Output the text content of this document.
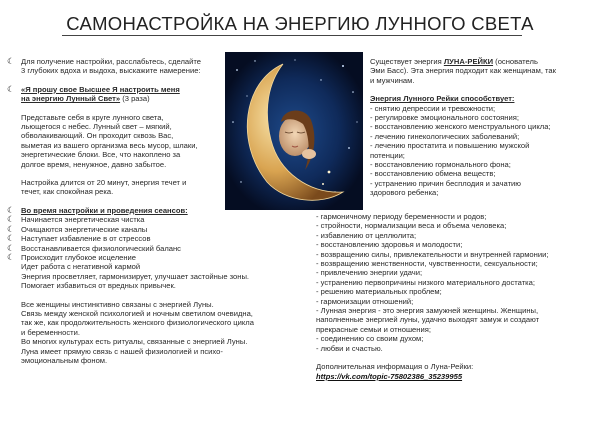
САМОНАСТРОЙКА НА ЭНЕРГИЮ ЛУННОГО СВЕТА
☾ Для получение настройки, расслабьтесь, сделайте

3 глубоких вдоха и выдоха, выскажите намерение:

☾ «Я прошу свое Высшее Я настроить меня

на энергию Лунный Свет» (3 раза)

Представьте себя в круге лунного света,

льющегося с небес. Лунный свет – мягкий,

обволакивающий. Он проходит сквозь Вас,

выметая из вашего организма весь мусор, шлаки,

энергетические блоки. Все, что накоплено за

долгое время, ненужное, давно забытое.

Настройка длится от 20 минут, энергия течет и

течет, как спокойная река.

☾ Во время настройки и проведения сеансов:

☾ Начинается энергетическая чистка

☾ Очищаются энергетические каналы

☾ Наступает избавление в от стрессов

☾ Восстанавливается физиологический баланс

☾ Происходит глубокое исцеление

Идет работа с негативной кармой

Энергия просветляет, гармонизирует, улучшает застойные зоны.

Помогает избавиться от вредных привычек.

Все женщины инстинктивно связаны с энергией Луны.

Связь между женской психологией и ночным светилом очевидна,

так же, как продолжительность женского физиологического цикла

и беременности.

Во многих культурах есть ритуалы, связанные с энергией Луны.

Луна имеет прямую связь с нашей физиологией и психо-

эмоциональным фоном.

Существует энергия ЛУНА-РЕЙКИ (основатель

Эми Басс). Эта энергия подходит как женщинам, так

и мужчинам.

Энергия Лунного Рейки способствует:

- снятию депрессии и тревожности;

- регулировке эмоционального состояния;

- восстановлению женского менструального цикла;

- лечению гинекологических заболеваний;

- лечению простатита и повышению мужской

потенции;

- восстановлению гормонального фона;

- восстановлению обмена веществ;

- устранению причин бесплодия и зачатию

здорового ребенка;

- гармоничному периоду беременности и родов;

- стройности, нормализации веса и объема человека;

- избавлению от целлюлита;

- восстановлению здоровья и молодости;

- возвращению силы, привлекательности и внутренней гармонии;

- возвращению женственности, чувственности, сексуальности;

- привлечению энергии удачи;

- устранению первопричины низкого материального достатка;

- решению материальных проблем;

- гармонизации отношений;

- Лунная энергия - это энергия замужней женщины. Женщины,

наполненные энергией луны, удачно выходят замуж и создают

прекрасные семьи и отношения;

- соединению со своим духом;

- любви и счастью.

Дополнительная информация о Луна-Рейки:

https://vk.com/topic-75802386_35239955
